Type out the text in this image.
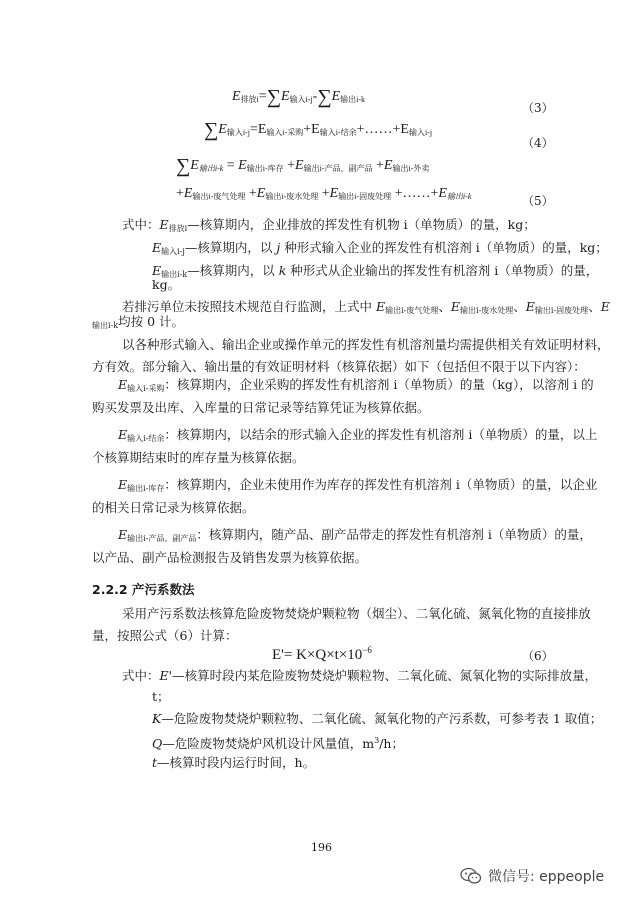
$E_{排放i}=\sum E_{输入i-j}-\sum E_{输出i-k}$
（3）
$\sum E_{输入i-j}=E_{输入i-采购}+E_{输入i-结余}+\dots\dots+E_{输入i-j}$
（4）
$\sum E_{输出i-k} = E_{输出i-库存} +E_{输出i-产品、副产品} +E_{输出i-外卖}$
$+E_{输出i-废气处理} +E_{输出i-废水处理} +E_{输出i-固废处理}$ $+\dots\dots+E_{输出i-k}$	（5）
式中：$E_{排放i}—$核算期内，企业排放的挥发性有机物 i（单物质）的量，kg；
$E_{输入i-j}—$核算期内，以 j 种形式输入企业的挥发性有机溶剂 i（单物质）的量，kg；
$E_{输出i-k}—$核算期内，以 k 种形式从企业输出的挥发性有机溶剂 i（单物质）的量，
kg。
若排污单位未按照技术规范自行监测，上式中 $E_{输出i-废气处理}$、$E_{输出i-废水处理}$、$E_{输出i-固废处理}$、E
$_{输出i-k}$均按 0 计。
以各种形式输入、输出企业或操作单元的挥发性有机溶剂量均需提供相关有效证明材料，
方有效。部分输入、输出量的有效证明材料（核算依据）如下（包括但不限于以下内容）：
$E_{输入i-采购}$：核算期内，企业采购的挥发性有机溶剂 i（单物质）的量（kg），以溶剂 i 的
购买发票及出库、入库量的日常记录等结算凭证为核算依据。
$E_{输入i-结余}$：核算期内，以结余的形式输入企业的挥发性有机溶剂 i（单物质）的量，以上
个核算期结束时的库存量为核算依据。
$E_{输出i-库存}$：核算期内，企业未使用作为库存的挥发性有机溶剂 i（单物质）的量，以企业
的相关日常记录为核算依据。
$E_{输出i-产品、副产品}$：核算期内，随产品、副产品带走的挥发性有机溶剂 i（单物质）的量，
以产品、副产品检测报告及销售发票为核算依据。
2.2.2 产污系数法
采用产污系数法核算危险废物焚烧炉颗粒物（烟尘）、二氧化硫、氮氧化物的直接排放
量，按照公式（6）计算：
$E'= K\times Q\times t\times 10^{-6}$	（6）
式中：E'—核算时段内某危险废物焚烧炉颗粒物、二氧化硫、氮氧化物的实际排放量，
t；
K—危险废物焚烧炉颗粒物、二氧化硫、氮氧化物的产污系数，可参考表 1 取值；
Q—危险废物焚烧炉风机设计风量值，$m^3/h$；
t—核算时段内运行时间，h。
196
微信号: eppeople
